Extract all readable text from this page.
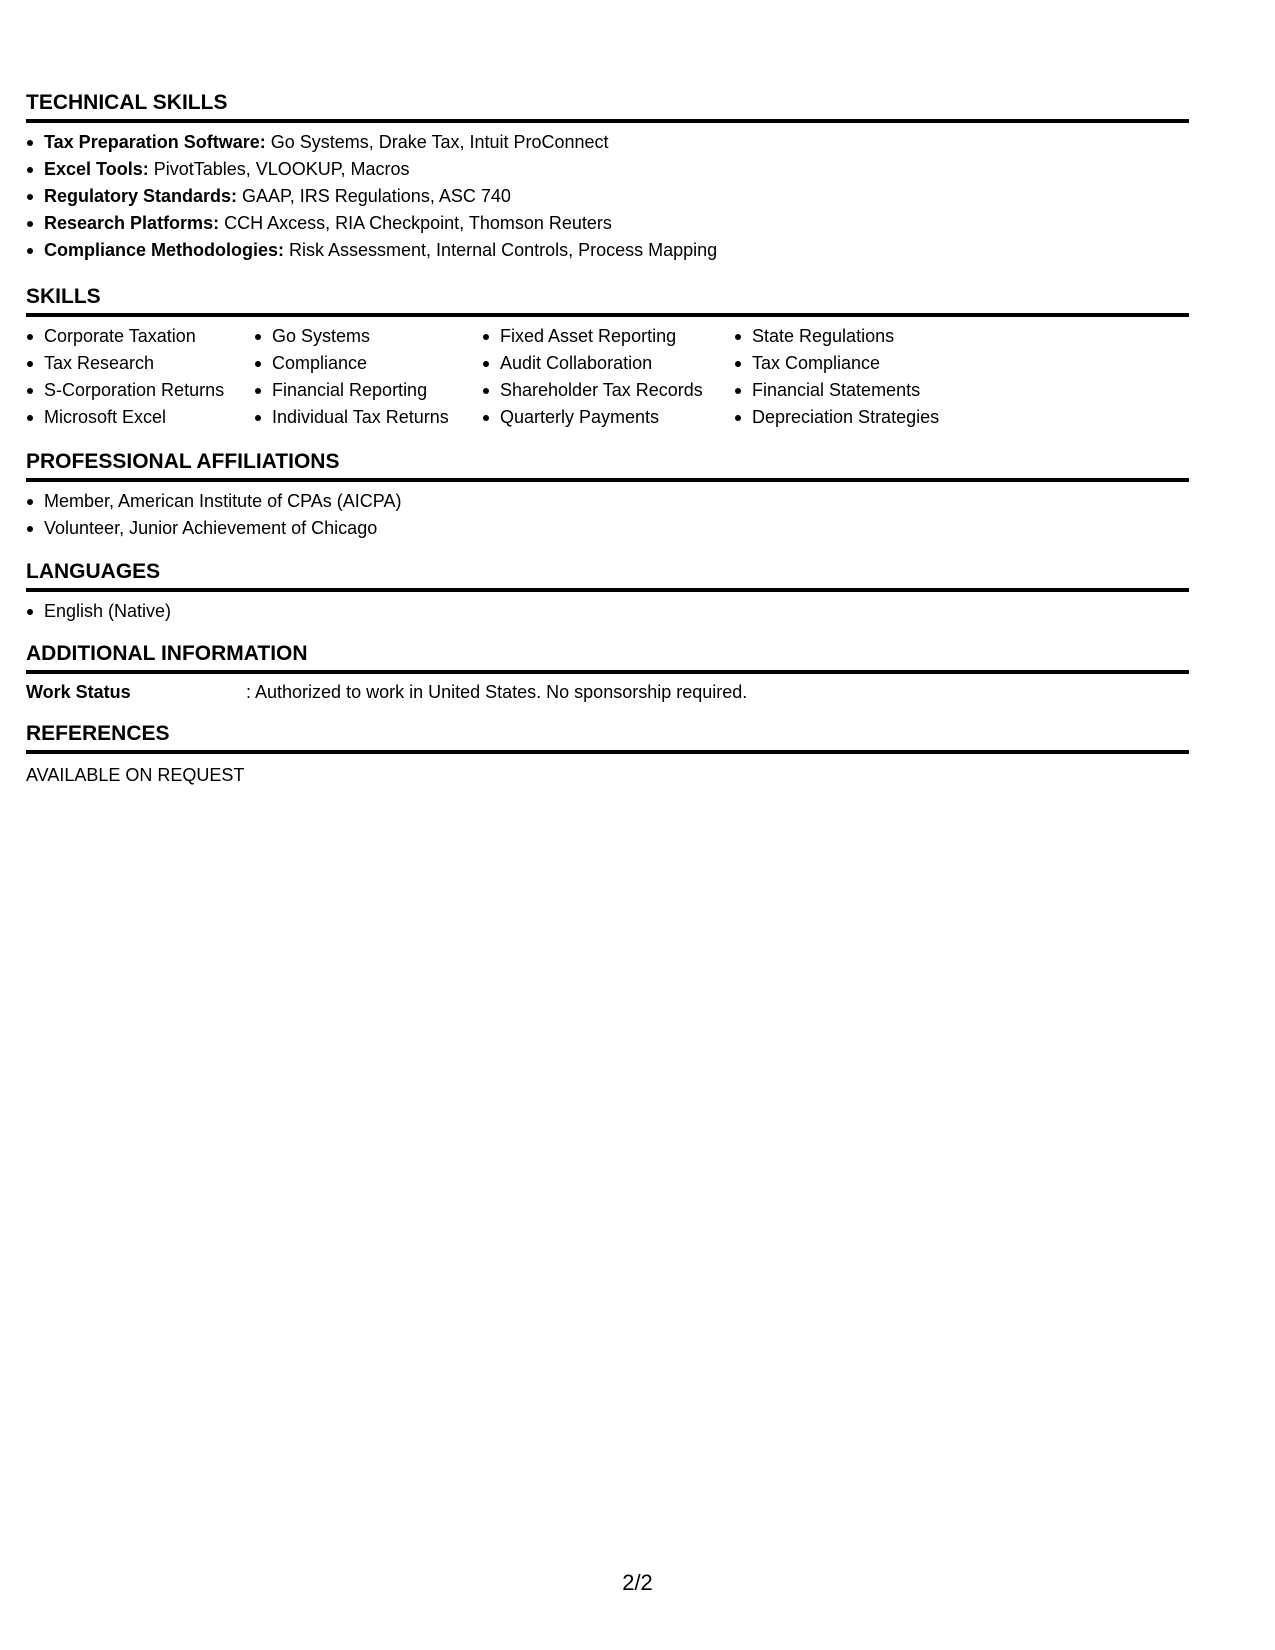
TECHNICAL SKILLS
Tax Preparation Software: Go Systems, Drake Tax, Intuit ProConnect
Excel Tools: PivotTables, VLOOKUP, Macros
Regulatory Standards: GAAP, IRS Regulations, ASC 740
Research Platforms: CCH Axcess, RIA Checkpoint, Thomson Reuters
Compliance Methodologies: Risk Assessment, Internal Controls, Process Mapping
SKILLS
Corporate Taxation
Tax Research
S-Corporation Returns
Microsoft Excel
Go Systems
Compliance
Financial Reporting
Individual Tax Returns
Fixed Asset Reporting
Audit Collaboration
Shareholder Tax Records
Quarterly Payments
State Regulations
Tax Compliance
Financial Statements
Depreciation Strategies
PROFESSIONAL AFFILIATIONS
Member, American Institute of CPAs (AICPA)
Volunteer, Junior Achievement of Chicago
LANGUAGES
English (Native)
ADDITIONAL INFORMATION
Work Status	: Authorized to work in United States. No sponsorship required.
REFERENCES
AVAILABLE ON REQUEST
2/2
